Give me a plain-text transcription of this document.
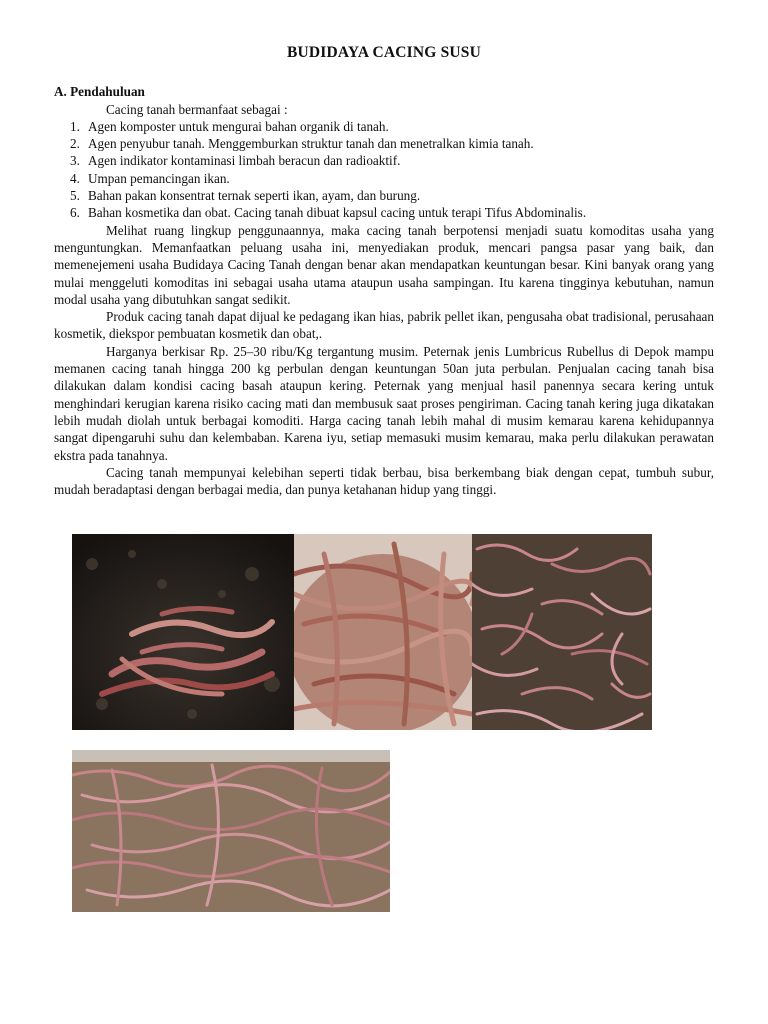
BUDIDAYA CACING SUSU
A. Pendahuluan

Cacing tanah bermanfaat sebagai :

1. Agen komposter untuk mengurai bahan organik di tanah.
2. Agen penyubur tanah. Menggemburkan struktur tanah dan menetralkan kimia tanah.
3. Agen indikator kontaminasi limbah beracun dan radioaktif.
4. Umpan pemancingan ikan.
5. Bahan pakan konsentrat ternak seperti ikan, ayam, dan burung.
6. Bahan kosmetika dan obat. Cacing tanah dibuat kapsul cacing untuk terapi Tifus Abdominalis.

Melihat ruang lingkup penggunaannya, maka cacing tanah berpotensi menjadi suatu komoditas usaha yang menguntungkan. Memanfaatkan peluang usaha ini, menyediakan produk, mencari pangsa pasar yang baik, dan memenejemeni usaha Budidaya Cacing Tanah dengan benar akan mendapatkan keuntungan besar. Kini banyak orang yang mulai menggeluti komoditas ini sebagai usaha utama ataupun usaha sampingan. Itu karena tingginya kebutuhan, namun modal usaha yang dibutuhkan sangat sedikit.

Produk cacing tanah dapat dijual ke pedagang ikan hias, pabrik pellet ikan, pengusaha obat tradisional, perusahaan kosmetik, diekspor pembuatan kosmetik dan obat,.

Harganya berkisar Rp. 25–30 ribu/Kg tergantung musim. Peternak jenis Lumbricus Rubellus di Depok mampu memanen cacing tanah hingga 200 kg perbulan dengan keuntungan 50an juta perbulan. Penjualan cacing tanah bisa dilakukan dalam kondisi cacing basah ataupun kering. Peternak yang menjual hasil panennya secara kering untuk menghindari kerugian karena risiko cacing mati dan membusuk saat proses pengiriman. Cacing tanah kering juga dikatakan lebih mudah diolah untuk berbagai komoditi. Harga cacing tanah lebih mahal di musim kemarau karena kehidupannya sangat dipengaruhi suhu dan kelembaban. Karena iyu, setiap memasuki musim kemarau, maka perlu dilakukan perawatan ekstra pada tanahnya.

Cacing tanah mempunyai kelebihan seperti tidak berbau, bisa berkembang biak dengan cepat, tumbuh subur, mudah beradaptasi dengan berbagai media, dan punya ketahanan hidup yang tinggi.
